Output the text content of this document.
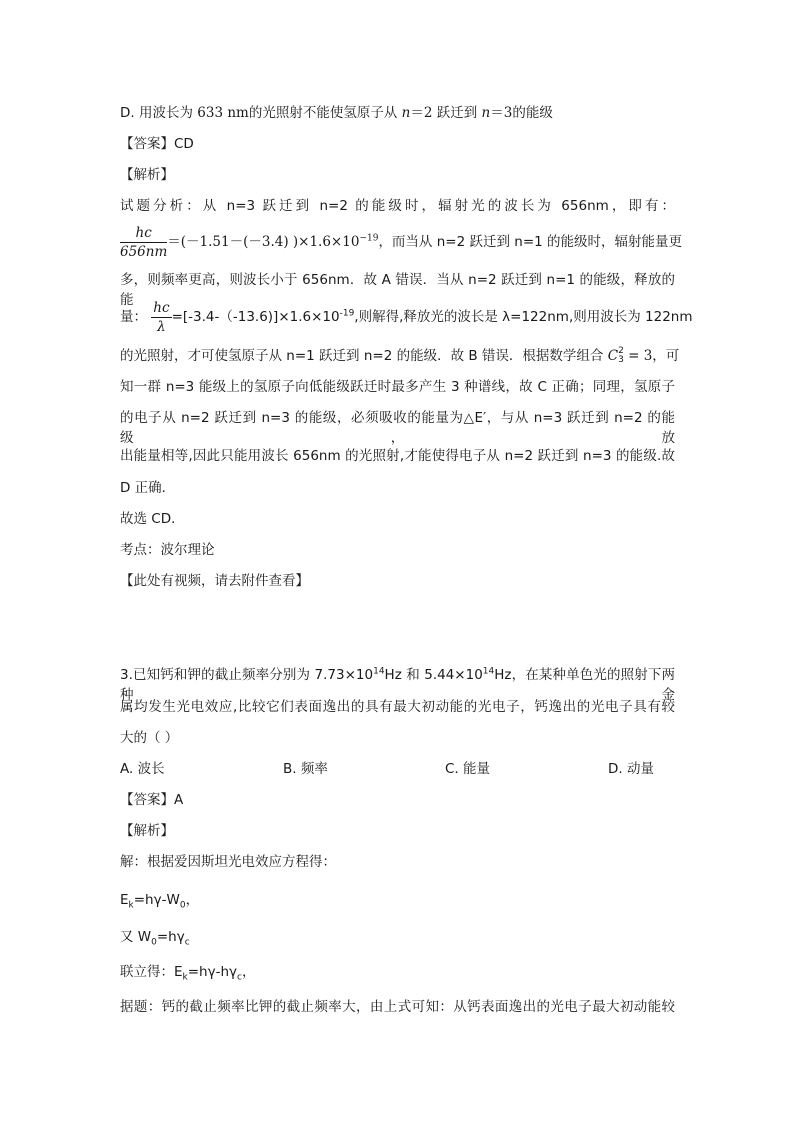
D. 用波长为 633 nm的光照射不能使氢原子从 n＝2 跃迁到 n＝3的能级
【答案】CD
【解析】
试题分析：从 n=3 跃迁到 n=2 的能级时，辐射光的波长为 656nm，即有：
$\frac{hc}{656nm} =(-1.51-(-3.4)$ )$\times 1.6\times 10^{-19}$，而当从 n=2 跃迁到 n=1 的能级时，辐射能量更
多，则频率更高，则波长小于 656nm．故 A 错误．当从 n=2 跃迁到 n=1 的能级，释放的能
量： $\frac{hc}{\lambda} =[-3.4-(-13.6)]\times 1.6\times 10^{-19}$,则解得,释放光的波长是 λ=122nm,则用波长为 122nm
的光照射，才可使氢原子从 n=1 跃迁到 n=2 的能级．故 B 错误．根据数学组合 C 2
3 = 3，可
知一群 n=3 能级上的氢原子向低能级跃迁时最多产生 3 种谱线，故 C 正确；同理，氢原子
的电子从 n=2 跃迁到 n=3 的能级，必须吸收的能量为△E′，与从 n=3 跃迁到 n=2 的能级，放
出能量相等,因此只能用波长 656nm 的光照射,才能使得电子从 n=2 跃迁到 n=3 的能级.故
D 正确．
故选 CD．
考点：波尔理论
【此处有视频，请去附件查看】
3.已知钙和钾的截止频率分别为 $7.73\times 10^{14}Hz$ 和 $5.44\times 10^{14}Hz$，在某种单色光的照射下两种金
属均发生光电效应,比较它们表面逸出的具有最大初动能的光电子，钙逸出的光电子具有较
大的（ ）
A. 波长	B. 频率	C. 能量	D. 动量
【答案】A
【解析】
解：根据爱因斯坦光电效应方程得：
$E_k=h\gamma-W_0$，
又 $W_0=h\gamma_c$
联立得：$E_k=h\gamma-h\gamma_c$，
据题：钙的截止频率比钾的截止频率大，由上式可知：从钙表面逸出的光电子最大初动能较
